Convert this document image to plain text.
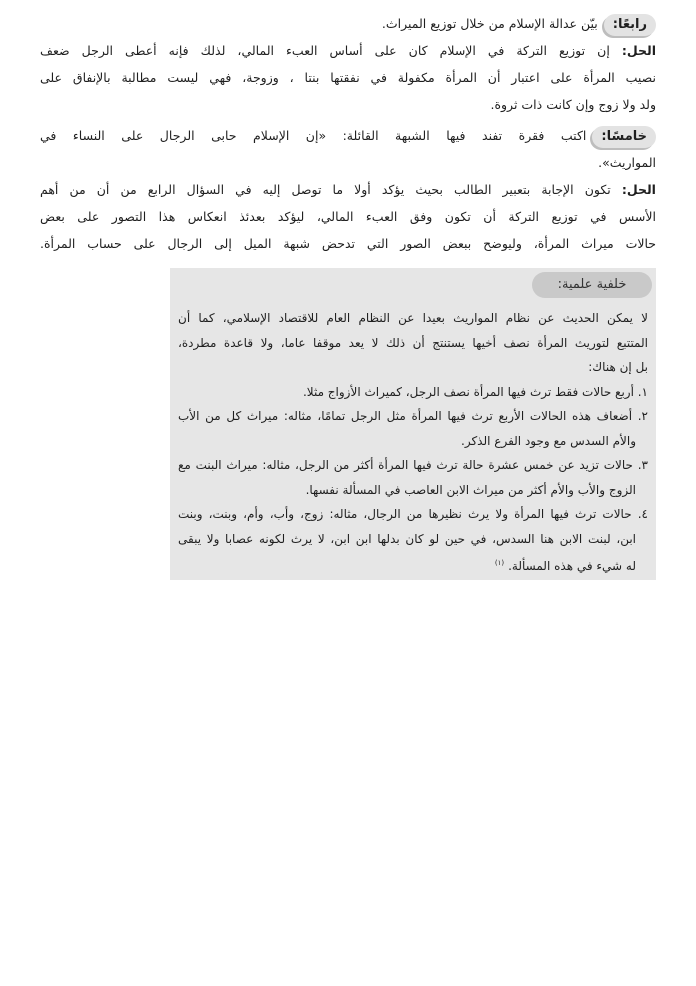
رابعًا:بيّن عدالة الإسلام من خلال توزيع الميراث.
الحل: إن توزيع التركة في الإسلام كان على أساس العبء المالي، لذلك فإنه أعطى الرجل ضعف
نصيب المرأة على اعتبار أن المرأة مكفولة في نفقتها بنتا ، وزوجة، فهي ليست مطالبة بالإنفاق على
ولد ولا زوج وإن كانت ذات ثروة.
خامسًا:اكتب فقرة تفند فيها الشبهة القائلة: «إن الإسلام حابى الرجال على النساء في
المواريث».
الحل: تكون الإجابة بتعبير الطالب بحيث يؤكد أولا ما توصل إليه في السؤال الرابع من أن من أهم
الأسس في توزيع التركة أن تكون وفق العبء المالي، ليؤكد بعدئذ انعكاس هذا التصور على بعض
حالات ميراث المرأة، وليوضح ببعض الصور التي تدحض شبهة الميل إلى الرجال على حساب المرأة.
خلفية علمية:
لا يمكن الحديث عن نظام المواريث بعيدا عن النظام العام للاقتصاد الإسلامي، كما أن
المتتبع لتوريث المرأة نصف أخيها يستنتج أن ذلك لا يعد موقفا عاما، ولا قاعدة مطردة،
بل إن هناك:
١. أربع حالات فقط ترث فيها المرأة نصف الرجل، كميراث الأزواج مثلا.
٢. أضعاف هذه الحالات الأربع ترث فيها المرأة مثل الرجل تمامًا، مثاله: ميراث كل من الأب
والأم السدس مع وجود الفرع الذكر.
٣. حالات تزيد عن خمس عشرة حالة ترث فيها المرأة أكثر من الرجل، مثاله: ميراث البنت مع
الزوج والأب والأم أكثر من ميراث الابن العاصب في المسألة نفسها.
٤. حالات ترث فيها المرأة ولا يرث نظيرها من الرجال، مثاله: زوج، وأب، وأم، وبنت، وبنت
ابن، لبنت الابن هنا السدس، في حين لو كان بدلها ابن ابن، لا يرث لكونه عصابا ولا يبقى
له شيء في هذه المسألة.$^{(١)}$
